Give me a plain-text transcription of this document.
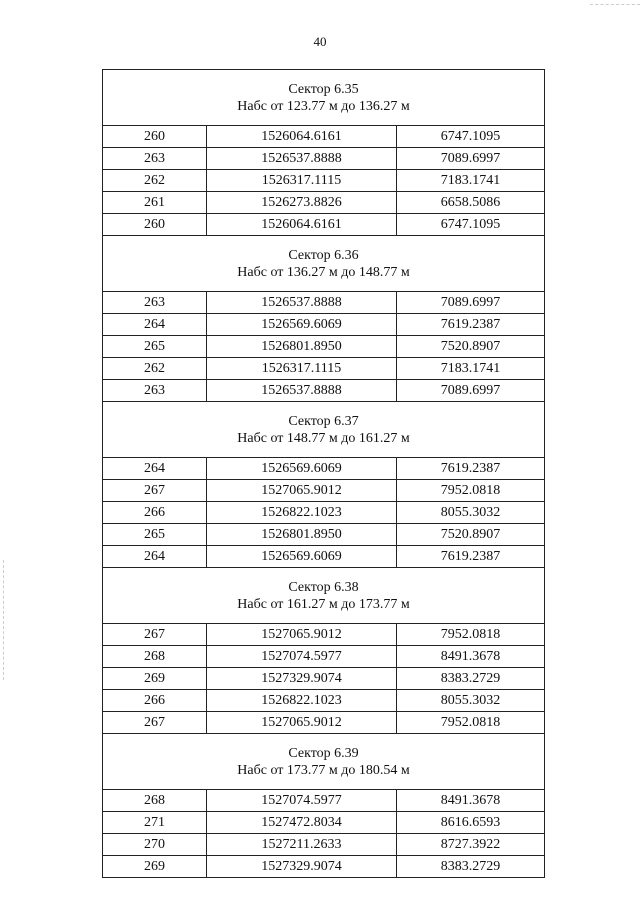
40
Сектор 6.35
Набс от 123.77 м до 136.27 м		

260	1526064.6161	6747.1095
263	1526537.8888	7089.6997
262	1526317.1115	7183.1741
261	1526273.8826	6658.5086
260	1526064.6161	6747.1095

Сектор 6.36
Набс от 136.27 м до 148.77 м		

263	1526537.8888	7089.6997
264	1526569.6069	7619.2387
265	1526801.8950	7520.8907
262	1526317.1115	7183.1741
263	1526537.8888	7089.6997

Сектор 6.37
Набс от 148.77 м до 161.27 м		

264	1526569.6069	7619.2387
267	1527065.9012	7952.0818
266	1526822.1023	8055.3032
265	1526801.8950	7520.8907
264	1526569.6069	7619.2387

Сектор 6.38
Набс от 161.27 м до 173.77 м		

267	1527065.9012	7952.0818
268	1527074.5977	8491.3678
269	1527329.9074	8383.2729
266	1526822.1023	8055.3032
267	1527065.9012	7952.0818

Сектор 6.39
Набс от 173.77 м до 180.54 м		

268	1527074.5977	8491.3678
271	1527472.8034	8616.6593
270	1527211.2633	8727.3922
269	1527329.9074	8383.2729
